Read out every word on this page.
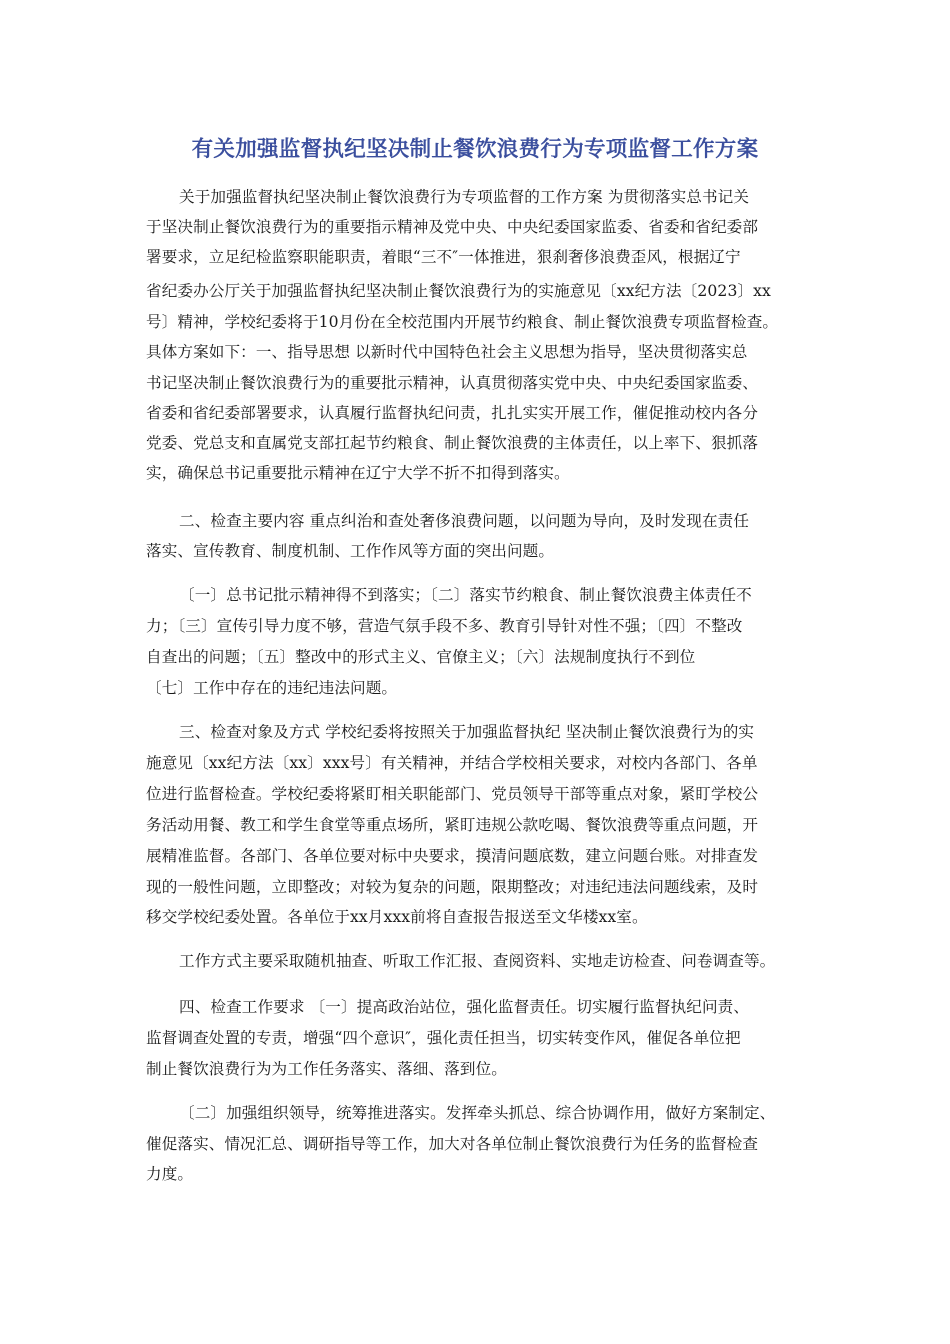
有关加强监督执纪坚决制止餐饮浪费行为专项监督工作方案
关于加强监督执纪坚决制止餐饮浪费行为专项监督的工作方案 为贯彻落实总书记关
于坚决制止餐饮浪费行为的重要指示精神及党中央、中央纪委国家监委、省委和省纪委部
署要求，立足纪检监察职能职责，着眼“三不″一体推进，狠刹奢侈浪费歪风，根据辽宁
省纪委办公厅关于加强监督执纪坚决制止餐饮浪费行为的实施意见〔xx纪方法〔2023〕xx
号〕精神，学校纪委将于10月份在全校范围内开展节约粮食、制止餐饮浪费专项监督检查。
具体方案如下：一、指导思想 以新时代中国特色社会主义思想为指导，坚决贯彻落实总
书记坚决制止餐饮浪费行为的重要批示精神，认真贯彻落实党中央、中央纪委国家监委、
省委和省纪委部署要求，认真履行监督执纪问责，扎扎实实开展工作，催促推动校内各分
党委、党总支和直属党支部扛起节约粮食、制止餐饮浪费的主体责任，以上率下、狠抓落
实，确保总书记重要批示精神在辽宁大学不折不扣得到落实。
二、检查主要内容 重点纠治和查处奢侈浪费问题，以问题为导向，及时发现在责任
落实、宣传教育、制度机制、工作作风等方面的突出问题。
〔一〕总书记批示精神得不到落实；〔二〕落实节约粮食、制止餐饮浪费主体责任不
力；〔三〕宣传引导力度不够，营造气氛手段不多、教育引导针对性不强；〔四〕不整改
自查出的问题；〔五〕整改中的形式主义、官僚主义；〔六〕法规制度执行不到位
〔七〕工作中存在的违纪违法问题。
三、检查对象及方式 学校纪委将按照关于加强监督执纪 坚决制止餐饮浪费行为的实
施意见〔xx纪方法〔xx〕xxx号〕有关精神，并结合学校相关要求，对校内各部门、各单
位进行监督检查。学校纪委将紧盯相关职能部门、党员领导干部等重点对象，紧盯学校公
务活动用餐、教工和学生食堂等重点场所，紧盯违规公款吃喝、餐饮浪费等重点问题，开
展精准监督。各部门、各单位要对标中央要求，摸清问题底数，建立问题台账。对排查发
现的一般性问题，立即整改；对较为复杂的问题，限期整改；对违纪违法问题线索，及时
移交学校纪委处置。各单位于xx月xxx前将自查报告报送至文华楼xx室。
工作方式主要采取随机抽查、听取工作汇报、查阅资料、实地走访检查、问卷调查等。
四、检查工作要求 〔一〕提高政治站位，强化监督责任。切实履行监督执纪问责、
监督调查处置的专责，增强“四个意识″，强化责任担当，切实转变作风，催促各单位把
制止餐饮浪费行为为工作任务落实、落细、落到位。
〔二〕加强组织领导，统筹推进落实。发挥牵头抓总、综合协调作用，做好方案制定、
催促落实、情况汇总、调研指导等工作，加大对各单位制止餐饮浪费行为任务的监督检查
力度。
